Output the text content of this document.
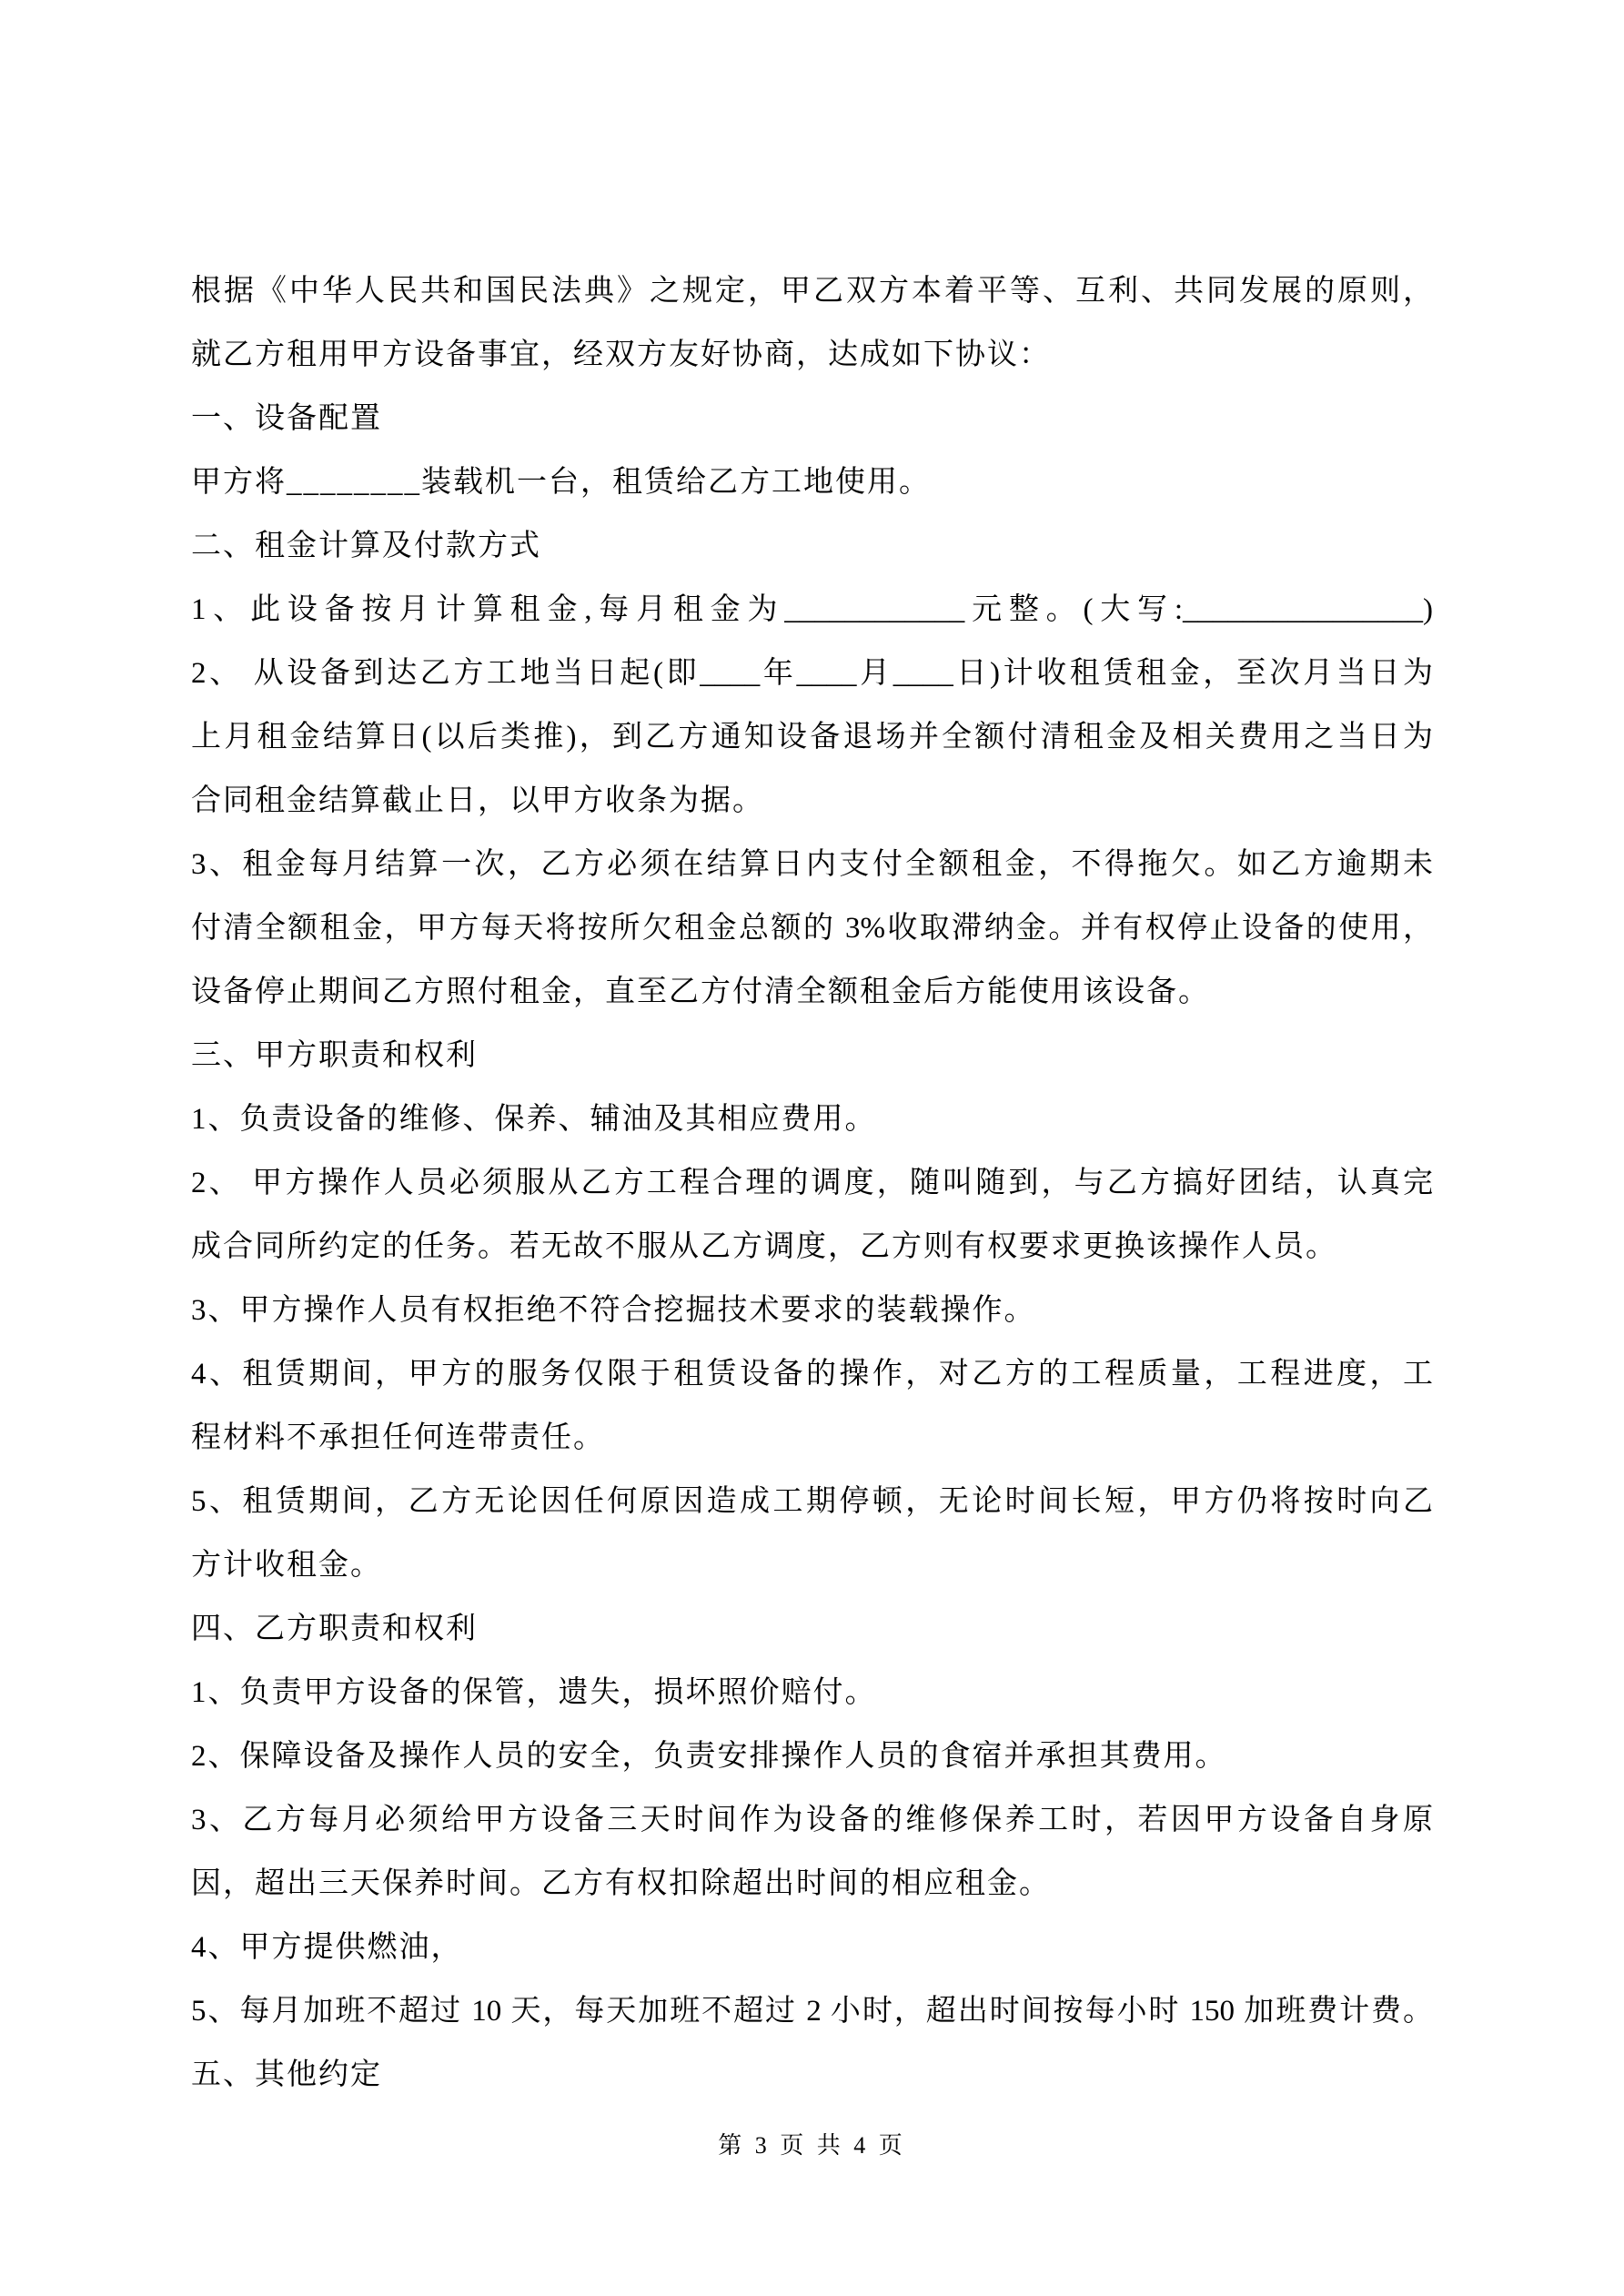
根据《中华人民共和国民法典》之规定，甲乙双方本着平等、互利、共同发展的原则，
就乙方租用甲方设备事宜，经双方友好协商，达成如下协议：
一、设备配置
甲方将________装载机一台，租赁给乙方工地使用。
二、租金计算及付款方式
1、此设备按月计算租金,每月租金为____________元整。(大写:________________)
2、 从设备到达乙方工地当日起(即____年____月____日)计收租赁租金，至次月当日为
上月租金结算日(以后类推)，到乙方通知设备退场并全额付清租金及相关费用之当日为
合同租金结算截止日，以甲方收条为据。
3、租金每月结算一次，乙方必须在结算日内支付全额租金，不得拖欠。如乙方逾期未
付清全额租金，甲方每天将按所欠租金总额的 3%收取滞纳金。并有权停止设备的使用，
设备停止期间乙方照付租金，直至乙方付清全额租金后方能使用该设备。
三、甲方职责和权利
1、负责设备的维修、保养、辅油及其相应费用。
2、 甲方操作人员必须服从乙方工程合理的调度，随叫随到，与乙方搞好团结，认真完
成合同所约定的任务。若无故不服从乙方调度，乙方则有权要求更换该操作人员。
3、甲方操作人员有权拒绝不符合挖掘技术要求的装载操作。
4、租赁期间，甲方的服务仅限于租赁设备的操作，对乙方的工程质量，工程进度，工
程材料不承担任何连带责任。
5、租赁期间，乙方无论因任何原因造成工期停顿，无论时间长短，甲方仍将按时向乙
方计收租金。
四、乙方职责和权利
1、负责甲方设备的保管，遗失，损坏照价赔付。
2、保障设备及操作人员的安全，负责安排操作人员的食宿并承担其费用。
3、乙方每月必须给甲方设备三天时间作为设备的维修保养工时，若因甲方设备自身原
因，超出三天保养时间。乙方有权扣除超出时间的相应租金。
4、甲方提供燃油，
5、每月加班不超过 10 天，每天加班不超过 2 小时，超出时间按每小时 150 加班费计费。
五、其他约定
第 3 页 共 4 页
